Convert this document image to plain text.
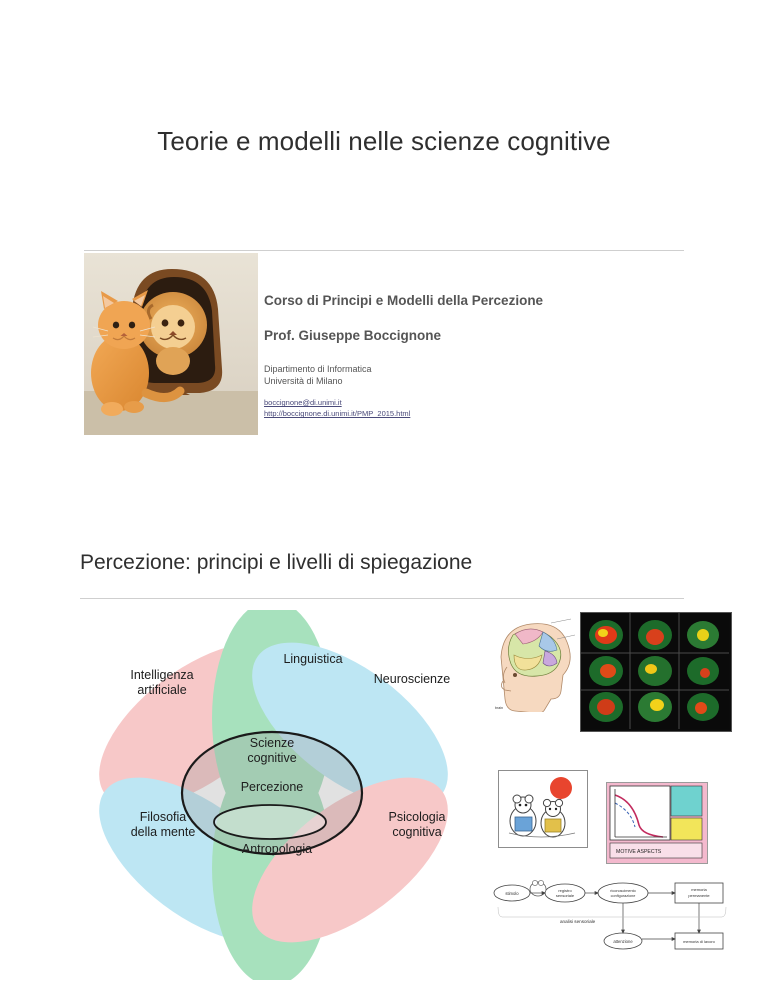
Teorie e modelli nelle scienze cognitive
Corso di Principi e Modelli della Percezione
Prof. Giuseppe Boccignone
Dipartimento di Informatica
Università di Milano
boccignone@di.unimi.it
http://boccignone.di.unimi.it/PMP_2015.html
Percezione: principi e livelli di spiegazione
Linguistica
Intelligenza
artificiale
Neuroscienze
Filosofia
della mente
Psicologia
cognitiva
Antropologia
Scienze
cognitive
Percezione
brain
MOTIVE ASPECTS
stimolo
registro
sensoriale
riconoscimento
configurazione
memoria
permanente
attenzione	memoria di lavoro
analisi sensoriale
